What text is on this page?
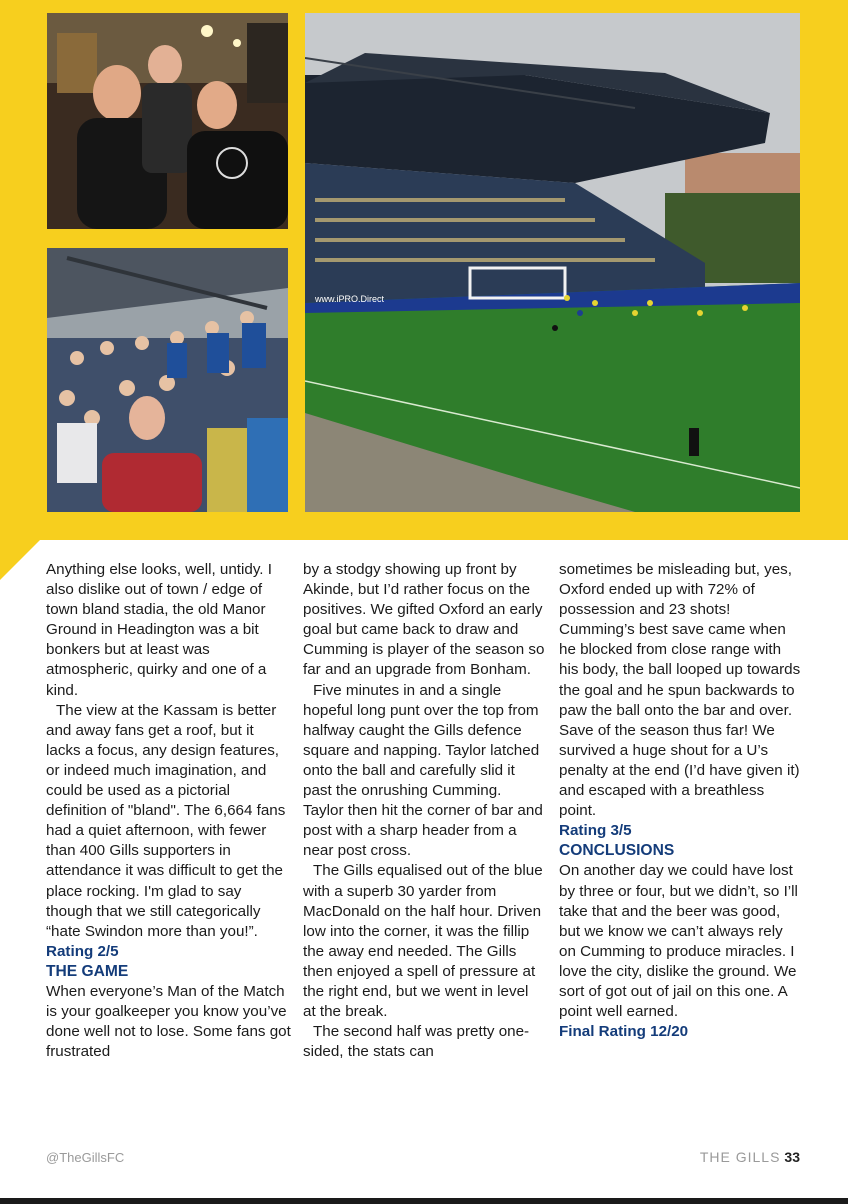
www.iPRO.Direct

Anything else looks, well, untidy. I also dislike out of town / edge of town bland stadia, the old Manor Ground in Headington was a bit bonkers but at least was atmospheric, quirky and one of a kind.

The view at the Kassam is better and away fans get a roof, but it lacks a focus, any design features, or indeed much imagination, and could be used as a pictorial definition of "bland". The 6,664 fans had a quiet afternoon, with fewer than 400 Gills supporters in attendance it was difficult to get the place rocking. I'm glad to say though that we still categorically “hate Swindon more than you!”.

Rating 2/5

THE GAME

When everyone’s Man of the Match is your goalkeeper you know you’ve done well not to lose. Some fans got frustrated

by a stodgy showing up front by Akinde, but I’d rather focus on the positives. We gifted Oxford an early goal but came back to draw and Cumming is player of the season so far and an upgrade from Bonham.

Five minutes in and a single hopeful long punt over the top from halfway caught the Gills defence square and napping. Taylor latched onto the ball and carefully slid it past the onrushing Cumming. Taylor then hit the corner of bar and post with a sharp header from a near post cross.

The Gills equalised out of the blue with a superb 30 yarder from MacDonald on the half hour. Driven low into the corner, it was the fillip the away end needed. The Gills then enjoyed a spell of pressure at the right end, but we went in level at the break.

The second half was pretty one-sided, the stats can

sometimes be misleading but, yes, Oxford ended up with 72% of possession and 23 shots! Cumming’s best save came when he blocked from close range with his body, the ball looped up towards the goal and he spun backwards to paw the ball onto the bar and over. Save of the season thus far! We survived a huge shout for a U’s penalty at the end (I’d have given it) and escaped with a breathless point.

Rating 3/5

CONCLUSIONS

On another day we could have lost by three or four, but we didn’t, so I’ll take that and the beer was good, but we know we can’t always rely on Cumming to produce miracles. I love the city, dislike the ground. We sort of got out of jail on this one. A point well earned.

Final Rating 12/20

@TheGillsFC	THE GILLS 33
